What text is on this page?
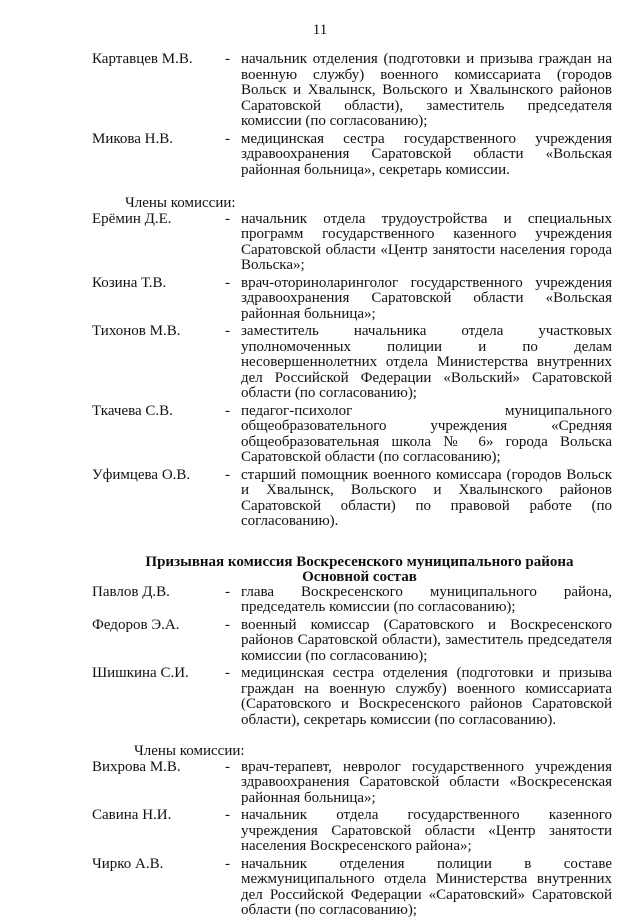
11
Картавцев М.В.	- начальник отделения (подготовки и призыва граждан на военную службу) военного комиссариата (городов Вольск и Хвалынск, Вольского и Хвалынского районов Саратовской области), заместитель председателя комиссии (по согласованию);
Микова Н.В.	- медицинская сестра государственного учреждения здравоохранения Саратовской области «Вольская районная больница», секретарь комиссии.
Члены комиссии:
Ерёмин Д.Е.	- начальник отдела трудоустройства и специальных программ государственного казенного учреждения Саратовской области «Центр занятости населения города Вольска»;
Козина Т.В.	- врач-оториноларинголог государственного учреждения здравоохранения Саратовской области «Вольская районная больница»;
Тихонов М.В.	- заместитель начальника отдела участковых уполномоченных полиции и по делам несовершеннолетних отдела Министерства внутренних дел Российской Федерации «Вольский» Саратовской области (по согласованию);
Ткачева С.В.	- педагог-психолог муниципального общеобразовательного учреждения «Средняя общеобразовательная школа № 6» города Вольска Саратовской области (по согласованию);
Уфимцева О.В.	- старший помощник военного комиссара (городов Вольск и Хвалынск, Вольского и Хвалынского районов Саратовской области) по правовой работе (по согласованию).
Призывная комиссия Воскресенского муниципального района
Основной состав
Павлов Д.В.	- глава Воскресенского муниципального района, председатель комиссии (по согласованию);
Федоров Э.А.	- военный комиссар (Саратовского и Воскресенского районов Саратовской области), заместитель председателя комиссии (по согласованию);
Шишкина С.И.	- медицинская сестра отделения (подготовки и призыва граждан на военную службу) военного комиссариата (Саратовского и Воскресенского районов Саратовской области), секретарь комиссии (по согласованию).
Члены комиссии:
Вихрова М.В.	- врач-терапевт, невролог государственного учреждения здравоохранения Саратовской области «Воскресенская районная больница»;
Савина Н.И.	- начальник отдела государственного казенного учреждения Саратовской области «Центр занятости населения Воскресенского района»;
Чирко А.В.	- начальник отделения полиции в составе межмуниципального отдела Министерства внутренних дел Российской Федерации «Саратовский» Саратовской области (по согласованию);
